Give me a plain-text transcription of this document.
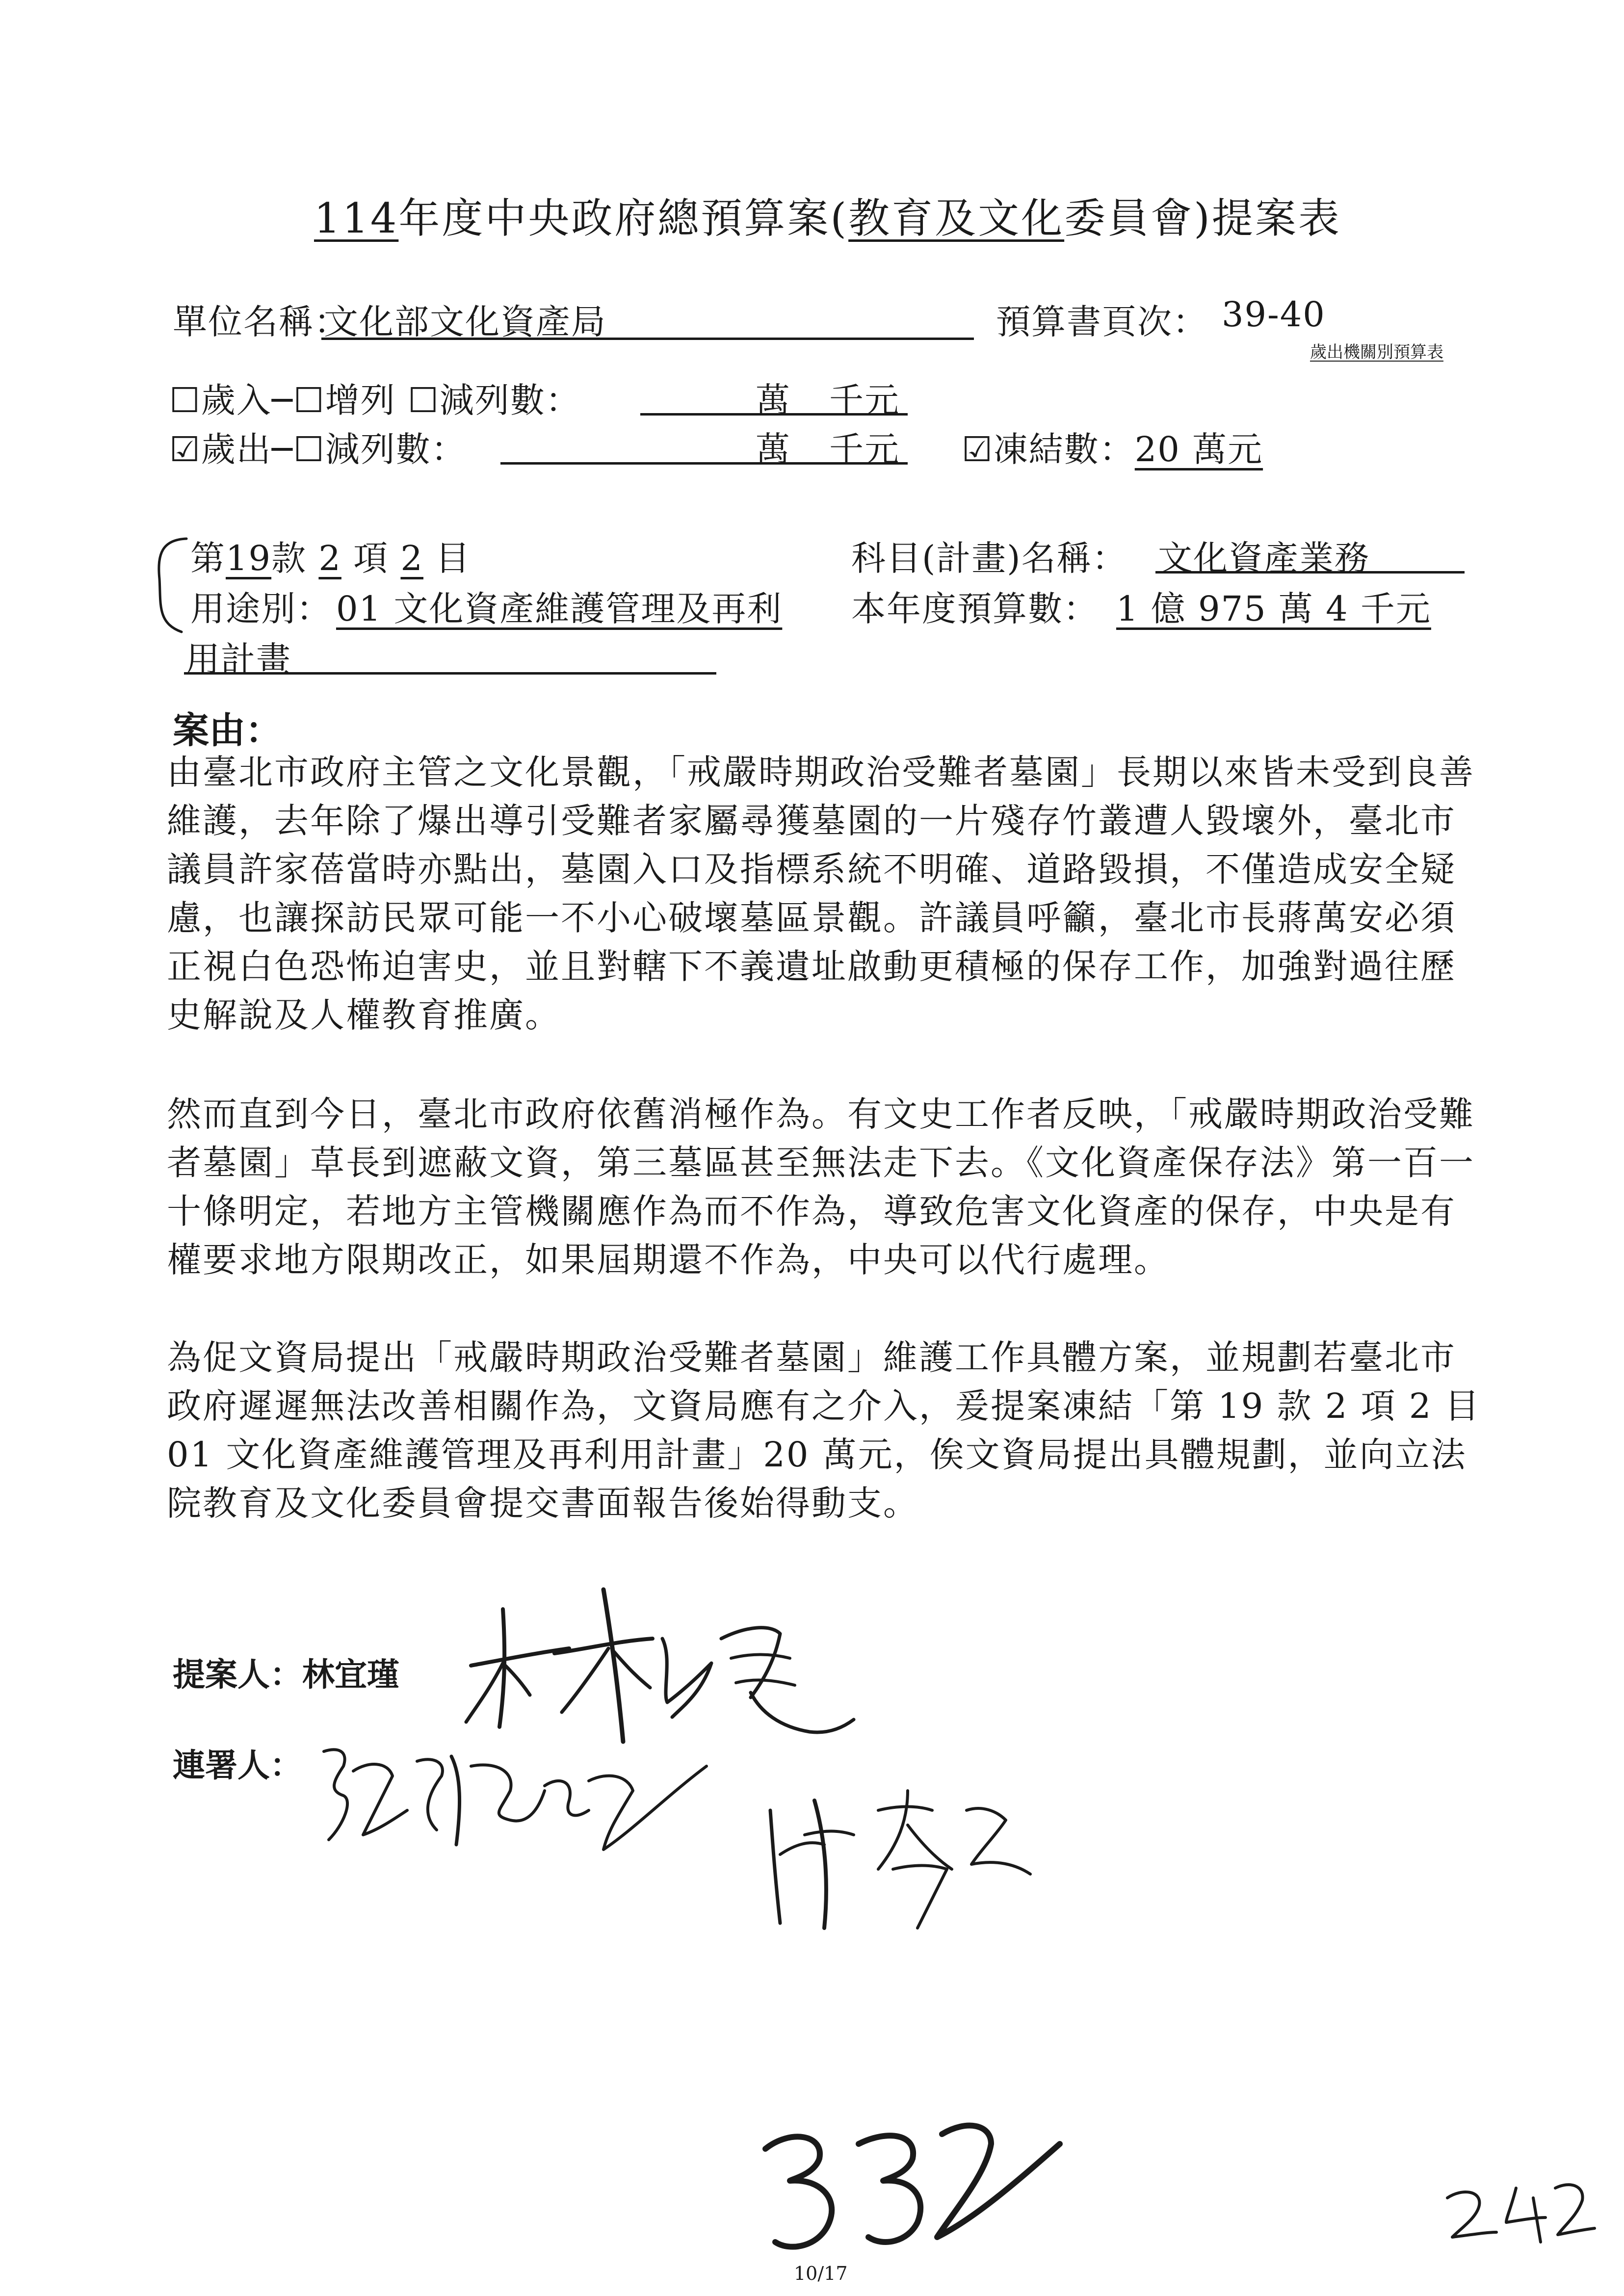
114年度中央政府總預算案(教育及文化委員會)提案表
單位名稱：
文化部文化資產局	預算書頁次： 39-40
歲出機關別預算表
☐歲入─☐增列 ☐減列數：	萬 千元
☑歲出─☐減列數：	萬 千元 ☑凍結數：20 萬元
第19款 2 項 2 目	科目(計畫)名稱： 文化資產業務
用途別： 01 文化資產維護管理及再利 本年度預算數： 1 億 975 萬 4 千元
用計畫
案由：

由臺北市政府主管之文化景觀，「戒嚴時期政治受難者墓園」長期以來皆未受到良善維護，去年除了爆出導引受難者家屬尋獲墓園的一片殘存竹叢遭人毀壞外，臺北市議員許家蓓當時亦點出，墓園入口及指標系統不明確、道路毀損，不僅造成安全疑慮，也讓探訪民眾可能一不小心破壞墓區景觀。許議員呼籲，臺北市長蔣萬安必須正視白色恐怖迫害史，並且對轄下不義遺址啟動更積極的保存工作，加強對過往歷史解說及人權教育推廣。

然而直到今日，臺北市政府依舊消極作為。有文史工作者反映，「戒嚴時期政治受難者墓園」草長到遮蔽文資，第三墓區甚至無法走下去。《文化資產保存法》第一百一十條明定，若地方主管機關應作為而不作為，導致危害文化資產的保存，中央是有權要求地方限期改正，如果屆期還不作為，中央可以代行處理。

為促文資局提出「戒嚴時期政治受難者墓園」維護工作具體方案，並規劃若臺北市政府遲遲無法改善相關作為，文資局應有之介入，爰提案凍結「第 19 款 2 項 2 目 01 文化資產維護管理及再利用計畫」20 萬元，俟文資局提出具體規劃，並向立法院教育及文化委員會提交書面報告後始得動支。

提案人：林宜瑾
連署人：
10/17
